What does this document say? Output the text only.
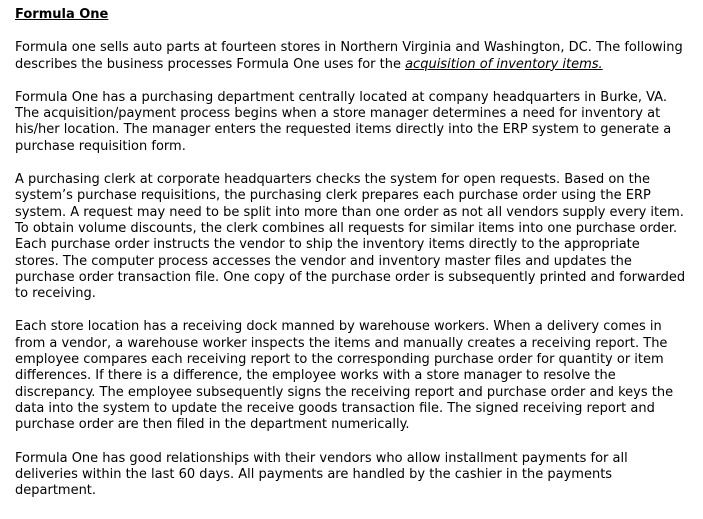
Formula One

Formula one sells auto parts at fourteen stores in Northern Virginia and Washington, DC. The following describes the business processes Formula One uses for the acquisition of inventory items.

Formula One has a purchasing department centrally located at company headquarters in Burke, VA. The acquisition/payment process begins when a store manager determines a need for inventory at his/her location. The manager enters the requested items directly into the ERP system to generate a purchase requisition form.

A purchasing clerk at corporate headquarters checks the system for open requests. Based on the system’s purchase requisitions, the purchasing clerk prepares each purchase order using the ERP system. A request may need to be split into more than one order as not all vendors supply every item. To obtain volume discounts, the clerk combines all requests for similar items into one purchase order. Each purchase order instructs the vendor to ship the inventory items directly to the appropriate stores. The computer process accesses the vendor and inventory master files and updates the purchase order transaction file. One copy of the purchase order is subsequently printed and forwarded to receiving.

Each store location has a receiving dock manned by warehouse workers. When a delivery comes in from a vendor, a warehouse worker inspects the items and manually creates a receiving report. The employee compares each receiving report to the corresponding purchase order for quantity or item differences. If there is a difference, the employee works with a store manager to resolve the discrepancy. The employee subsequently signs the receiving report and purchase order and keys the data into the system to update the receive goods transaction file. The signed receiving report and purchase order are then filed in the department numerically.

Formula One has good relationships with their vendors who allow installment payments for all deliveries within the last 60 days. All payments are handled by the cashier in the payments department.
